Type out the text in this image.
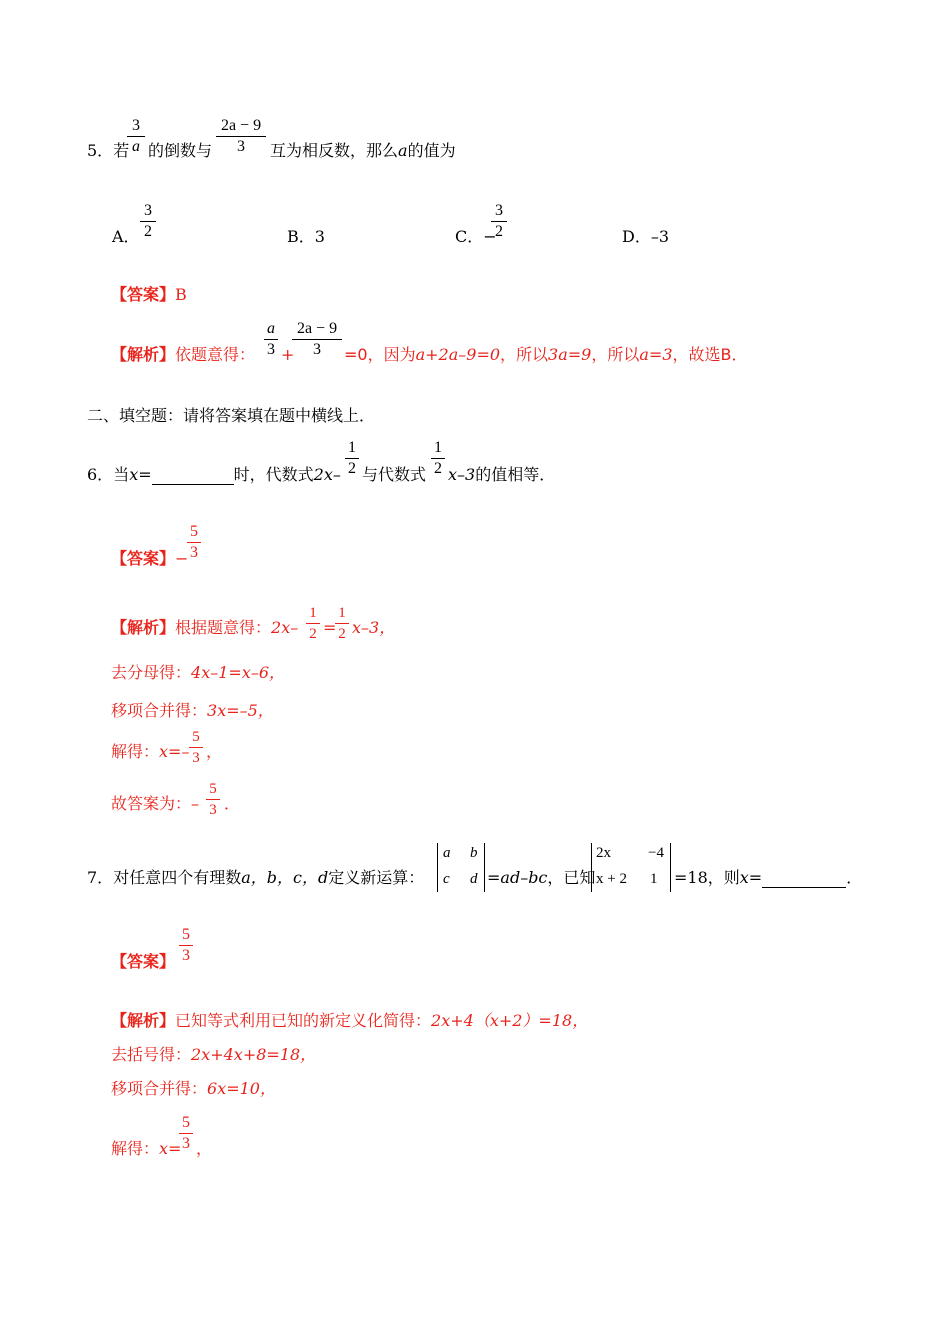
5．若
3
a 的倒数与
2a − 9
3	互为相反数，那么a的值为
A．
3
2	B．3	C．−
3
2	D．–3
【答案】B
【解析】依题意得：
a
3 +
2a − 9
3	=0，因为a+2a–9=0，所以3a=9，所以a=3，故选B．
二、填空题：请将答案填在题中横线上．
6．当x=	时，代数式2x–
1
2 与代数式
1
2 x–3的值相等．
【答案】−
5
3
【解析】根据题意得：2x–
1
2 =
1
2 x–3，
去分母得：4x–1=x–6，
移项合并得：3x=–5，
解得：x=–
5
3 ，
故答案为：–
5
3 ．
7．对任意四个有理数a，b，c，d定义新运算：
a b
c d =ad–bc，已知
2x −4
x + 2 1 =18，则x=	．
【答案】
5
3
【解析】已知等式利用已知的新定义化简得：2x+4（x+2）=18，
去括号得：2x+4x+8=18，
移项合并得：6x=10，
解得：x=
5
3 ，
